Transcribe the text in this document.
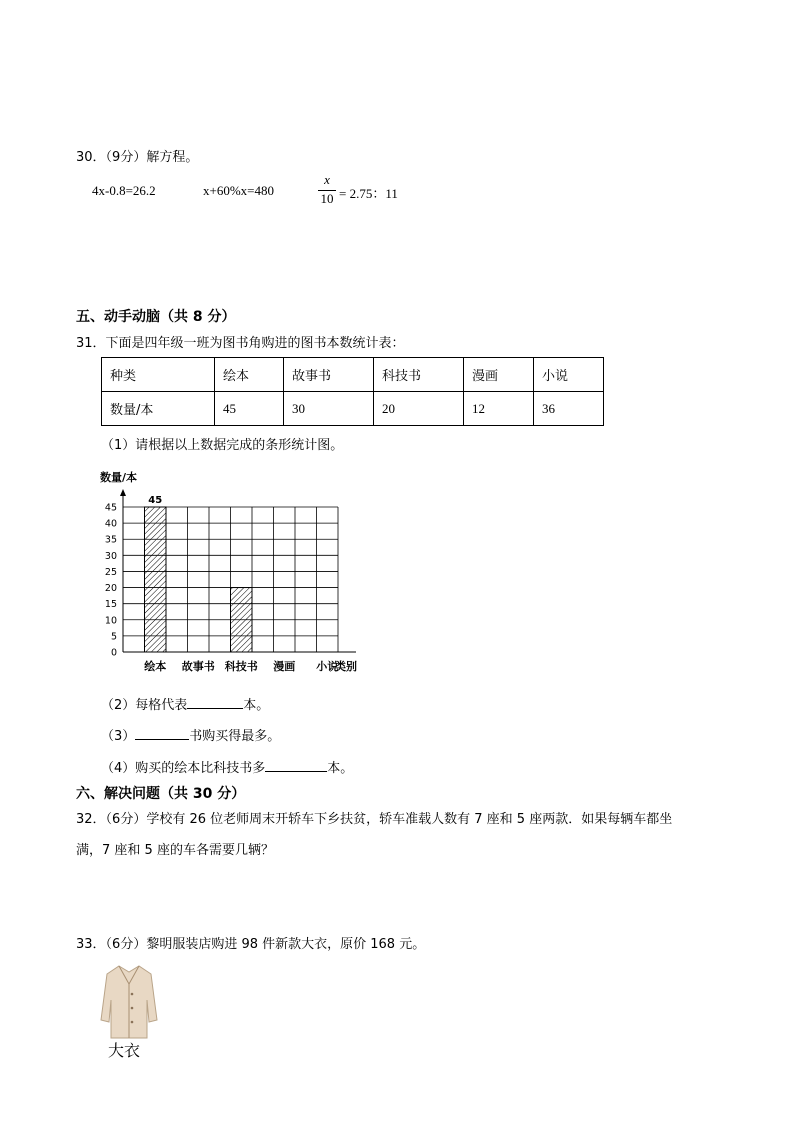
30．（9分）解方程。
4x-0.8=26.2	x+60%x=480
x
10 = 2.75：11
五、动手动脑（共 8 分）
31．下面是四年级一班为图书角购进的图书本数统计表：
种类	绘本	故事书	科技书	漫画	小说
数量/本	45	30	20	12	36
（1）请根据以上数据完成的条形统计图。
0
5
10
15
20
25
30
35
40
45
数量/本
45
绘本 故事书 科技书 漫画 小说
类别
（2）每格代表	本。
（3）	书购买得最多。
（4）购买的绘本比科技书多	本。
六、解决问题（共 30 分）
32．（6分）学校有 26 位老师周末开轿车下乡扶贫，轿车准载人数有 7 座和 5 座两款．如果每辆车都坐
满，7 座和 5 座的车各需要几辆？
33．（6分）黎明服装店购进 98 件新款大衣，原价 168 元。
大衣
